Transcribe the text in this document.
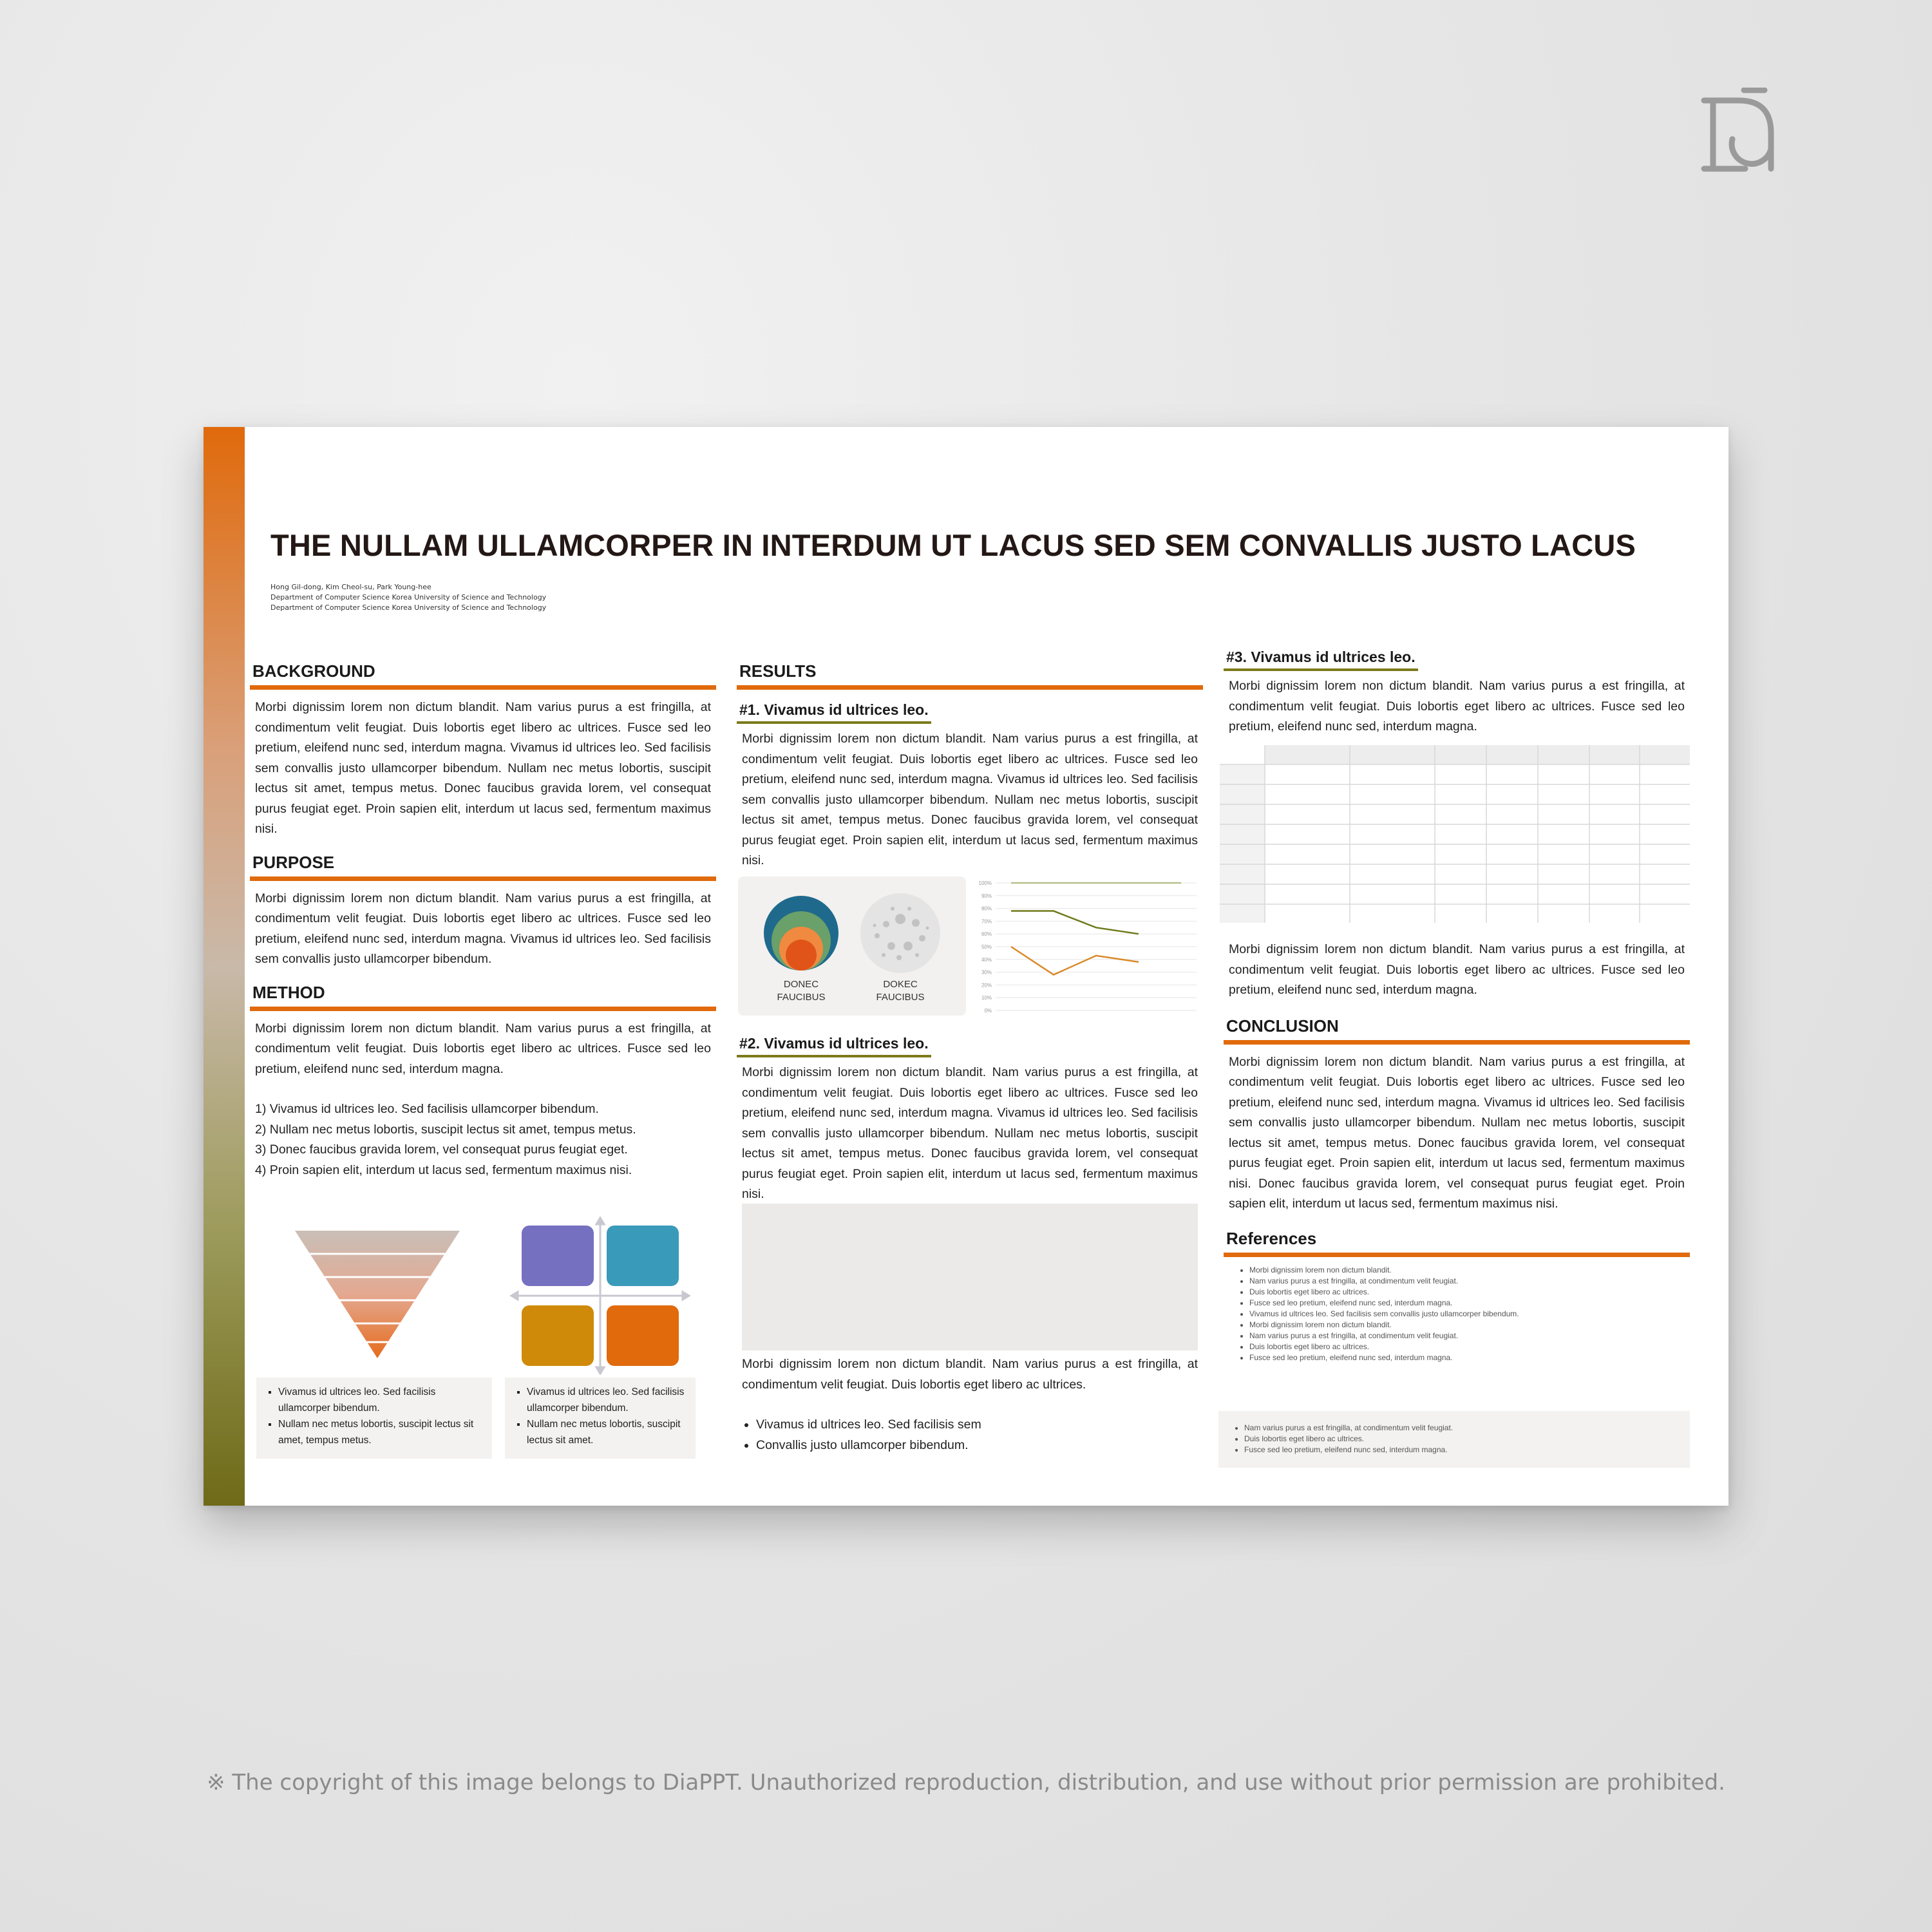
THE NULLAM ULLAMCORPER IN INTERDUM UT LACUS SED SEM CONVALLIS JUSTO LACUS
Hong Gil-dong, Kim Cheol-su, Park Young-hee
Department of Computer Science Korea University of Science and Technology
Department of Computer Science Korea University of Science and Technology
BACKGROUND

Morbi dignissim lorem non dictum blandit. Nam varius purus a est fringilla, at condimentum velit feugiat. Duis lobortis eget libero ac ultrices. Fusce sed leo pretium, eleifend nunc sed, interdum magna. Vivamus id ultrices leo. Sed facilisis sem convallis justo ullamcorper bibendum. Nullam nec metus lobortis, suscipit lectus sit amet, tempus metus. Donec faucibus gravida lorem, vel consequat purus feugiat eget. Proin sapien elit, interdum ut lacus sed, fermentum maximus nisi.

PURPOSE

Morbi dignissim lorem non dictum blandit. Nam varius purus a est fringilla, at condimentum velit feugiat. Duis lobortis eget libero ac ultrices. Fusce sed leo pretium, eleifend nunc sed, interdum magna. Vivamus id ultrices leo. Sed facilisis sem convallis justo ullamcorper bibendum.

METHOD

Morbi dignissim lorem non dictum blandit. Nam varius purus a est fringilla, at condimentum velit feugiat. Duis lobortis eget libero ac ultrices. Fusce sed leo pretium, eleifend nunc sed, interdum magna.

1) Vivamus id ultrices leo. Sed facilisis ullamcorper bibendum.
2) Nullam nec metus lobortis, suscipit lectus sit amet, tempus metus.
3) Donec faucibus gravida lorem, vel consequat purus feugiat eget.
4) Proin sapien elit, interdum ut lacus sed, fermentum maximus nisi.
▪ Vivamus id ultrices leo. Sed facilisis ullamcorper bibendum.
▪ Nullam nec metus lobortis, suscipit lectus sit amet, tempus metus.
▪ Vivamus id ultrices leo. Sed facilisis ullamcorper bibendum.
▪ Nullam nec metus lobortis, suscipit lectus sit amet.
RESULTS
#1. Vivamus id ultrices leo.

Morbi dignissim lorem non dictum blandit. Nam varius purus a est fringilla, at condimentum velit feugiat. Duis lobortis eget libero ac ultrices. Fusce sed leo pretium, eleifend nunc sed, interdum magna. Vivamus id ultrices leo. Sed facilisis sem convallis justo ullamcorper bibendum. Nullam nec metus lobortis, suscipit lectus sit amet, tempus metus. Donec faucibus gravida lorem, vel consequat purus feugiat eget. Proin sapien elit, interdum ut lacus sed, fermentum maximus nisi.

DONEC
FAUCIBUS
DOKEC
FAUCIBUS
0%
10%
20%
30%
40%
50%
60%
70%
80%
90%
100%
#2. Vivamus id ultrices leo.

Morbi dignissim lorem non dictum blandit. Nam varius purus a est fringilla, at condimentum velit feugiat. Duis lobortis eget libero ac ultrices. Fusce sed leo pretium, eleifend nunc sed, interdum magna. Vivamus id ultrices leo. Sed facilisis sem convallis justo ullamcorper bibendum. Nullam nec metus lobortis, suscipit lectus sit amet, tempus metus. Donec faucibus gravida lorem, vel consequat purus feugiat eget. Proin sapien elit, interdum ut lacus sed, fermentum maximus nisi.

Morbi dignissim lorem non dictum blandit. Nam varius purus a est fringilla, at condimentum velit feugiat. Duis lobortis eget libero ac ultrices.

• Vivamus id ultrices leo. Sed facilisis sem
• Convallis justo ullamcorper bibendum.
#3. Vivamus id ultrices leo.

Morbi dignissim lorem non dictum blandit. Nam varius purus a est fringilla, at condimentum velit feugiat. Duis lobortis eget libero ac ultrices. Fusce sed leo pretium, eleifend nunc sed, interdum magna.

Morbi dignissim lorem non dictum blandit. Nam varius purus a est fringilla, at condimentum velit feugiat. Duis lobortis eget libero ac ultrices. Fusce sed leo pretium, eleifend nunc sed, interdum magna.

CONCLUSION

Morbi dignissim lorem non dictum blandit. Nam varius purus a est fringilla, at condimentum velit feugiat. Duis lobortis eget libero ac ultrices. Fusce sed leo pretium, eleifend nunc sed, interdum magna. Vivamus id ultrices leo. Sed facilisis sem convallis justo ullamcorper bibendum. Nullam nec metus lobortis, suscipit lectus sit amet, tempus metus. Donec faucibus gravida lorem, vel consequat purus feugiat eget. Proin sapien elit, interdum ut lacus sed, fermentum maximus nisi. Donec faucibus gravida lorem, vel consequat purus feugiat eget. Proin sapien elit, interdum ut lacus sed, fermentum maximus nisi.

References
• Morbi dignissim lorem non dictum blandit.
• Nam varius purus a est fringilla, at condimentum velit feugiat.
• Duis lobortis eget libero ac ultrices.
• Fusce sed leo pretium, eleifend nunc sed, interdum magna.
• Vivamus id ultrices leo. Sed facilisis sem convallis justo ullamcorper bibendum.
• Morbi dignissim lorem non dictum blandit.
• Nam varius purus a est fringilla, at condimentum velit feugiat.
• Duis lobortis eget libero ac ultrices.
• Fusce sed leo pretium, eleifend nunc sed, interdum magna.
• Nam varius purus a est fringilla, at condimentum velit feugiat.
• Duis lobortis eget libero ac ultrices.
• Fusce sed leo pretium, eleifend nunc sed, interdum magna.
※ The copyright of this image belongs to DiaPPT. Unauthorized reproduction, distribution, and use without prior permission are prohibited.
